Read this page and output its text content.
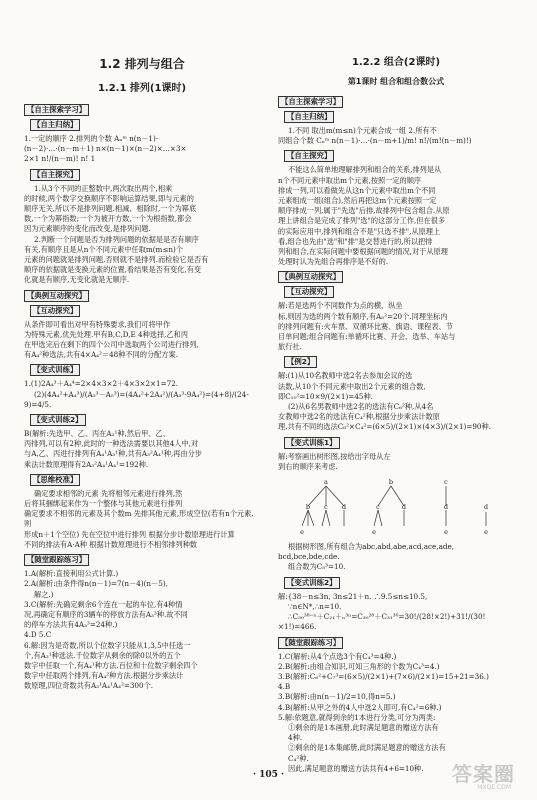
1.2 排列与组合
1.2.1 排列(1课时)
【自主探索学习】
【自主归纳】

1.一定的顺序 2.排列的个数 Aₙᵐ n(n－1)·

(n－2)·…·(n－m＋1) n×(n－1)×(n－2)×…×3×

2×1 n!/(n－m)! n! 1

【自主探究】

1.从3个不同的正整数中,两次取出两个,相乘

的时候,两个数字交换顺序不影响运算结果,即与元素的

顺序无关,所以不是排列问题.相减、相除时,一个为幂底

数,一个为幂指数;一个为被开方数,一个为根指数,都会

因为元素顺序的变化而改变,是排列问题.

2.判断一个问题是否为排列问题的依据是是否有顺序

有关,有顺序且是从n个不同元素中任取m(m≤n)个

元素的问题就是排列问题,否则就不是排列.而检验它是否有

顺序的依据就是变换元素的位置,看结果是否有变化,有变

化就是有顺序,无变化就是无顺序.

【典例互动探究】
【互动探究】

从条件即可看出对甲有特殊要求,我们可将甲作

为特殊元素,优先处理.甲有B,C,D,E 4种选择,乙和丙

在甲选完后在剩下的四个公司中选取两个公司进行排列,

有A₄²种选法,共有4×A₄²＝48种不同的分配方案.

【变式训练】

1.(1)2A₄³＋A₄⁴=2×4×3×2＋4×3×2×1=72.

(2)(4A₄²+A₄³)/(A₃³－A₅³)=(4A₄²+2A₄²)/(A₃³-9A₄²)=(4+8)/(24-9)=4/5.

【变式训练2】

B(解析:先选甲、乙、丙在A₂¹种,然后甲、乙、

丙排列,可以有2种,此时的一种选法需要以其他4人中,对

与A,乙、丙进行排列有A₄¹A₃¹种,共有A₃²A₄¹种,再由分步

乘法计数原理得有2A₃²A₄¹A₄¹=192种.

【思维校准】

确定要求相邻的元素 先将相邻元素进行排列,然

后将其捆绑起来作为一个整体与其他元素进行排列

确定要求不相邻的元素及其个数m 先排其他元素,形成空位(若有n个元素,则

形成n＋1个空位) 先在空位中进行排列 根据分步计数原理进行计算

不同的排法有A·A种 根据计数原理进行不相邻排列种数

【随堂跟踪练习】

1.A(解析:直接利用公式计算.)

2.A(解析:由条件得n(n－1)=7(n－4)(n－5),

解之.)

3.C(解析:先确定剩余6个连在一起的车位,有4种情

况,再确定有顺序的3辆车的停放方法有A₃³种.故不同

的停车方法共有4A₃³=24种.)

4.D 5.C

6.解:因为是奇数,所以个位数字只能从1,3,5中任选一

个,有A₃¹种选法.千位数字从剩余的除0以外的五个

数字中任取一个,有A₄¹种方法.百位和十位数字剩余四个

数字中任取两个排列,有A₄²种方法.根据分步乘法计

数原理,四位奇数共有A₃¹A₄¹A₄²=300个.

1.2.2 组合(2课时)
第1课时 组合和组合数公式
【自主探索学习】
【自主归纳】

1.不同 取出m(m≤n)个元素合成一组 2.所有不

同组合个数 Cₙᵐ n(n－1)·…·(n－m+1)/m! n!/(m!(n－m)!)

【自主探究】

不能这么简单地理解排列和组合的关系,排列是从

n个不同元素中取出m个元素,按照一定的顺序

排成一列,可以看做先从这n个元素中取出m个不同

元素组成一组(组合),然后再把这m个元素按照一定

顺序排成一列,属于"先选"后排,故排列中包含组合.从原

理上讲组合是完成了排列"选"的这部分工作,但在很多

的实际应用中,排列和组合不是"只选不排",从原理上

看,组合也先由"选"和"排"是交替进行的,所以把排

列和组合,在实际问题中要根据问题的情况,对于从原理

处理时认为先组合再排序是不好的.

【典例互动探究】
【互动探究】

解:若是选两个不同数作为点的横、纵坐

标,则因为选的两个数有顺序,有A₅²=20个.同理坐标内

的排列问题有:火车票、双循环比赛、旗语、课程表、节

目单问题;组合问题有:单循环比赛、开会、选举、车站与

旅行社.

【例2】

解:(1)从10名教师中选2名去参加会议的选

法数,从10个不同元素中取出2个元素的组合数,

即C₁₀²=10×9/(2×1)=45种.

(2)从6名男教师中选2名的选法有C₆²种,从4名

女教师中选2名的选法有C₄²种,根据分步乘法计数原

理,共有不同的选法C₆²×C₄²=(6×5)/(2×1)×(4×3)/(2×1)=90种.

【变式训练1】

解:考察画出树形图,按给出字母从左

到右的顺序来考虑.

a
b c d
e
b
c	d
e
c
d
e
d
e

根据树形图,所有组合为abc,abd,abe,acd,ace,ade,

bcd,bce,bde,cde.

组合数为C₅³=10.

【变式训练2】

解:{38－n≤3n, 3n≤21＋n. ∴9.5≤n≤10.5,

∵n∈N*,∴n=10.

∴C₃₀³⁸⁻ⁿ＋C₂₁＋ₙ³ⁿ=C₃₀²⁸＋C₃₁³⁰=30!/(28!×2!)+31!/(30!×1!)=466.

【随堂跟踪练习】

1.C(解析:从4个点选3个有C₄³=4种.)

2.B(解析:由组合知识,可知三角形的个数为C₄³=4.)

3.B(解析:C₆²+C₇³=(6×5)/(2×1)+(7×6)/(2×1)=15+21=36.)

4.B

3.B(解析:由n(n－1)/2=10,得n=5.)

4.B(解析:从甲之外的4人中选2人即可,有C₄²=6种.)

5.解:依题意,就得到余的1本进行分类,可分为两类:

①剩余的是1本画册,此时满足题意的赠送方法有

4种.

②剩余的是1本集邮册,此时满足题意的赠送方法有

C₄²种.

因此,满足题意的赠送方法共有4+6=10种.

· 105 ·	答案圈
MXQE.COM
